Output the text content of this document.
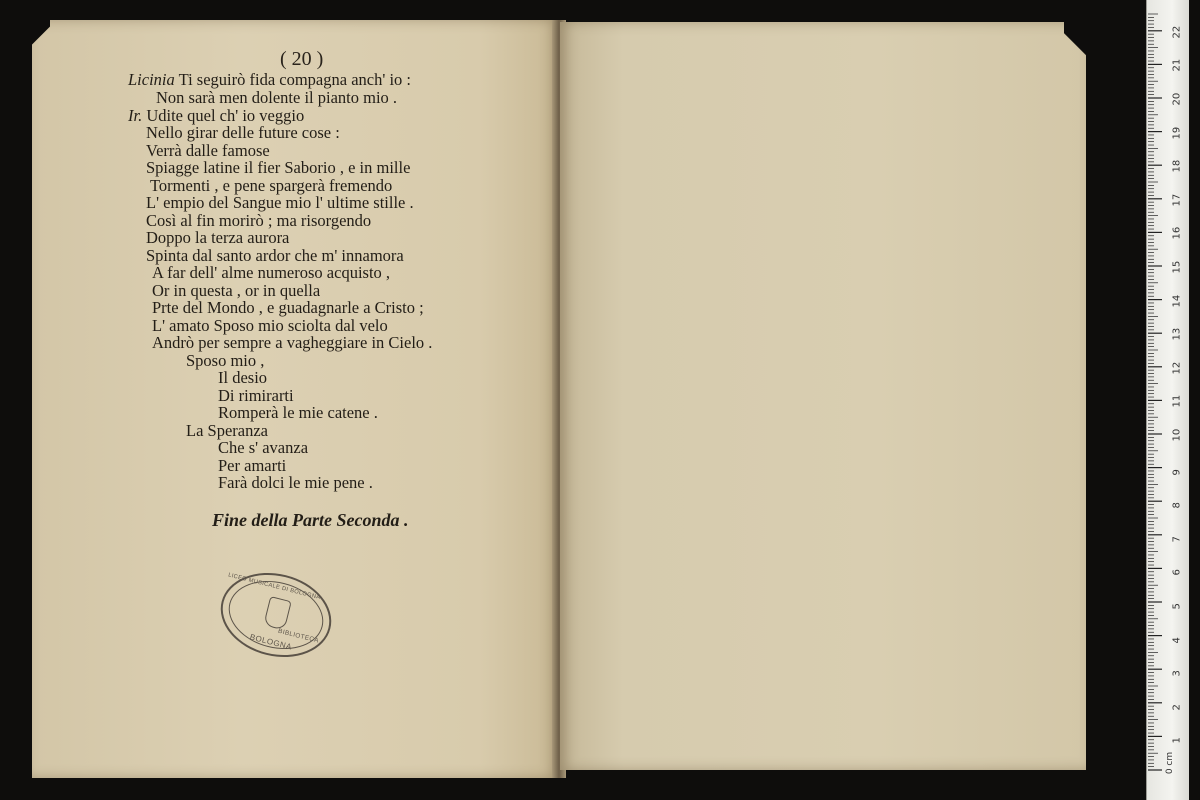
( 20 )

Licinia Ti seguirò fida compagna anch' io :

Non sarà men dolente il pianto mio .

Ir. Udite quel ch' io veggio

Nello girar delle future cose :

Verrà dalle famose

Spiagge latine il fier Saborio , e in mille

Tormenti , e pene spargerà fremendo

L' empio del Sangue mio l' ultime stille .

Così al fin morirò ; ma risorgendo

Doppo la terza aurora

Spinta dal santo ardor che m' innamora

A far dell' alme numeroso acquisto ,

Or in questa , or in quella

Prte del Mondo , e guadagnarle a Cristo ;

L' amato Sposo mio sciolta dal velo

Andrò per sempre a vagheggiare in Cielo .

Sposo mio ,

Il desio

Di rimirarti

Romperà le mie catene .

La Speranza

Che s' avanza

Per amarti

Farà dolci le mie pene .

Fine della Parte Seconda .
LICEO MUSICALE DI BOLOGNA
BIBLIOTECA
BOLOGNA
0 cm
1
2
3
4
5
6
7
8
9
10
11
12
13
14
15
16
17
18
19
20
21
22
